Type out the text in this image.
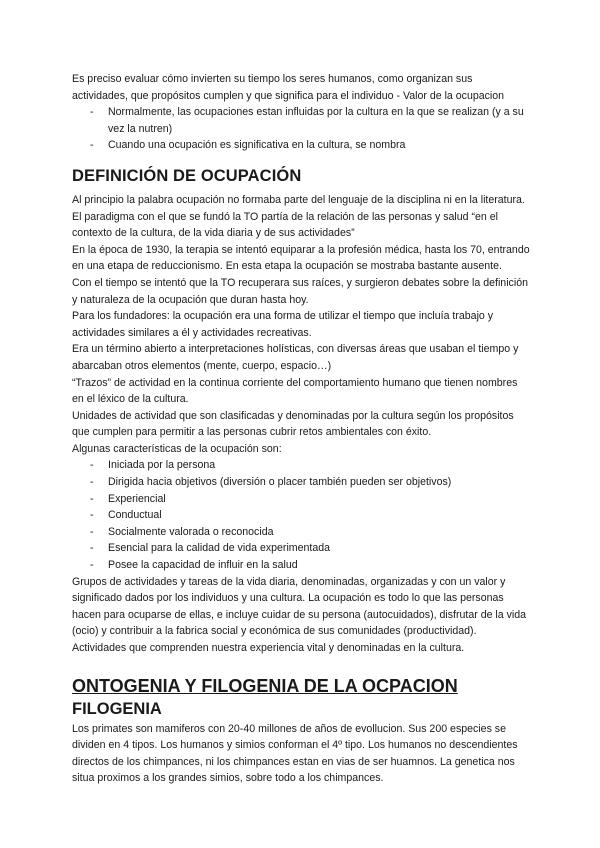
Es preciso evaluar cómo invierten su tiempo los seres humanos, como organizan sus actividades, que propósitos cumplen y que significa para el individuo - Valor de la ocupacion

- Normalmente, las ocupaciones estan influidas por la cultura en la que se realizan (y a su vez la nutren)
- Cuando una ocupación es significativa en la cultura, se nombra
DEFINICIÓN DE OCUPACIÓN

Al principio la palabra ocupación no formaba parte del lenguaje de la disciplina ni en la literatura. El paradigma con el que se fundó la TO partía de la relación de las personas y salud “en el contexto de la cultura, de la vida diaria y de sus actividades”

En la época de 1930, la terapia se intentó equiparar a la profesión médica, hasta los 70, entrando en una etapa de reduccionismo. En esta etapa la ocupación se mostraba bastante ausente.

Con el tiempo se intentó que la TO recuperara sus raíces, y surgieron debates sobre la definición y naturaleza de la ocupación que duran hasta hoy.

Para los fundadores: la ocupación era una forma de utilizar el tiempo que incluía trabajo y actividades similares a él y actividades recreativas.

Era un término abierto a interpretaciones holísticas, con diversas áreas que usaban el tiempo y abarcaban otros elementos (mente, cuerpo, espacio…)

“Trazos” de actividad en la continua corriente del comportamiento humano que tienen nombres en el léxico de la cultura.

Unidades de actividad que son clasificadas y denominadas por la cultura según los propósitos que cumplen para permitir a las personas cubrir retos ambientales con éxito.

Algunas características de la ocupación son:

- Iniciada por la persona
- Dirigida hacia objetivos (diversión o placer también pueden ser objetivos)
- Experiencial
- Conductual
- Socialmente valorada o reconocida
- Esencial para la calidad de vida experimentada
- Posee la capacidad de influir en la salud

Grupos de actividades y tareas de la vida diaria, denominadas, organizadas y con un valor y significado dados por los individuos y una cultura. La ocupación es todo lo que las personas hacen para ocuparse de ellas, e incluye cuidar de su persona (autocuidados), disfrutar de la vida (ocio) y contribuir a la fabrica social y económica de sus comunidades (productividad).

Actividades que comprenden nuestra experiencia vital y denominadas en la cultura.

ONTOGENIA Y FILOGENIA DE LA OCPACION
FILOGENIA

Los primates son mamiferos con 20-40 millones de años de evollucion. Sus 200 especies se dividen en 4 tipos. Los humanos y simios conforman el 4º tipo. Los humanos no descendientes directos de los chimpances, ni los chimpances estan en vias de ser huamnos. La genetica nos situa proximos a los grandes simios, sobre todo a los chimpances.
